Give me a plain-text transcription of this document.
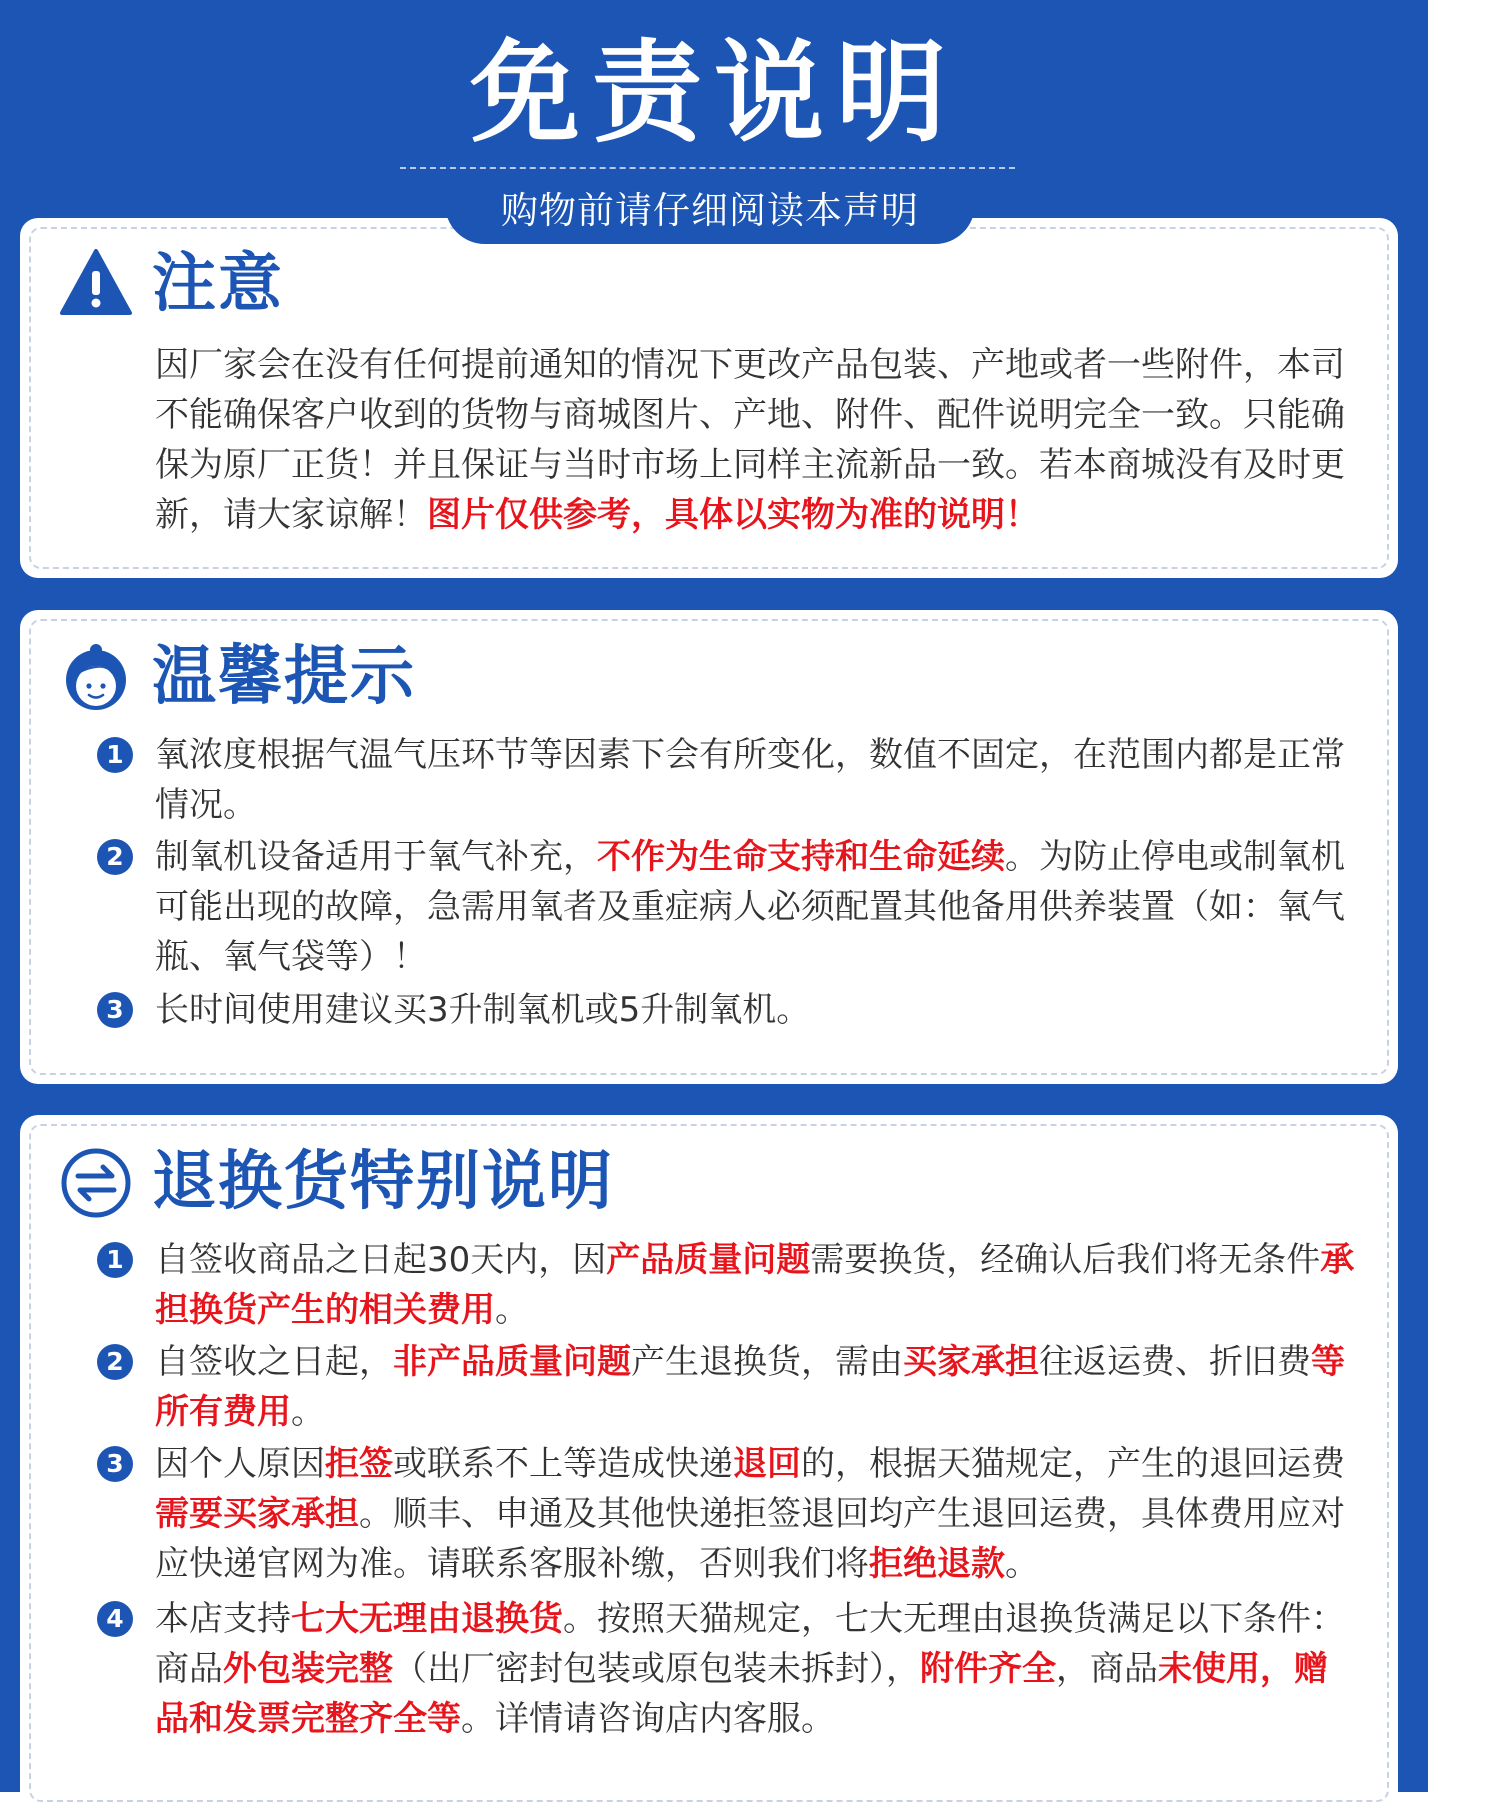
免责说明
购物前请仔细阅读本声明
注意
因厂家会在没有任何提前通知的情况下更改产品包装、产地或者一些附件，本司不能确保客户收到的货物与商城图片、产地、附件、配件说明完全一致。只能确保为原厂正货！并且保证与当时市场上同样主流新品一致。若本商城没有及时更新，请大家谅解！图片仅供参考，具体以实物为准的说明！
温馨提示
1 氧浓度根据气温气压环节等因素下会有所变化，数值不固定，在范围内都是正常情况。
2 制氧机设备适用于氧气补充，不作为生命支持和生命延续。为防止停电或制氧机可能出现的故障，急需用氧者及重症病人必须配置其他备用供养装置（如：氧气瓶、氧气袋等）！
3 长时间使用建议买3升制氧机或5升制氧机。
退换货特别说明
1 自签收商品之日起30天内，因产品质量问题需要换货，经确认后我们将无条件承担换货产生的相关费用。
2 自签收之日起，非产品质量问题产生退换货，需由买家承担往返运费、折旧费等所有费用。
3 因个人原因拒签或联系不上等造成快递退回的，根据天猫规定，产生的退回运费需要买家承担。顺丰、申通及其他快递拒签退回均产生退回运费，具体费用应对应快递官网为准。请联系客服补缴，否则我们将拒绝退款。
4 本店支持七大无理由退换货。按照天猫规定，七大无理由退换货满足以下条件：商品外包装完整（出厂密封包装或原包装未拆封），附件齐全，商品未使用，赠品和发票完整齐全等。详情请咨询店内客服。
